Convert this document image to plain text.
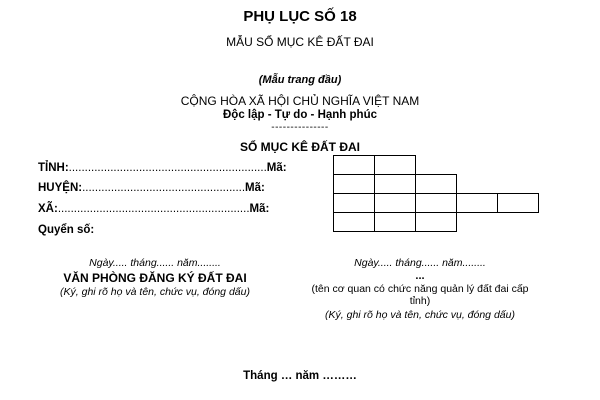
PHỤ LỤC SỐ 18
MẪU SỔ MỤC KÊ ĐẤT ĐAI
(Mẫu trang đầu)
CỘNG HÒA XÃ HỘI CHỦ NGHĨA VIỆT NAM
Độc lập - Tự do - Hạnh phúc
---------------
SỔ MỤC KÊ ĐẤT ĐAI
TỈNH:..............................................................Mã:
HUYỆN:...................................................Mã:
XÃ:............................................................Mã:
Quyển số:
Ngày..... tháng...... năm........
VĂN PHÒNG ĐĂNG KÝ ĐẤT ĐAI
(Ký, ghi rõ họ và tên, chức vụ, đóng dấu)
Ngày..... tháng...... năm........
...
(tên cơ quan có chức năng quản lý đất đai cấp
tỉnh)
(Ký, ghi rõ họ và tên, chức vụ, đóng dấu)
Tháng … năm ………
